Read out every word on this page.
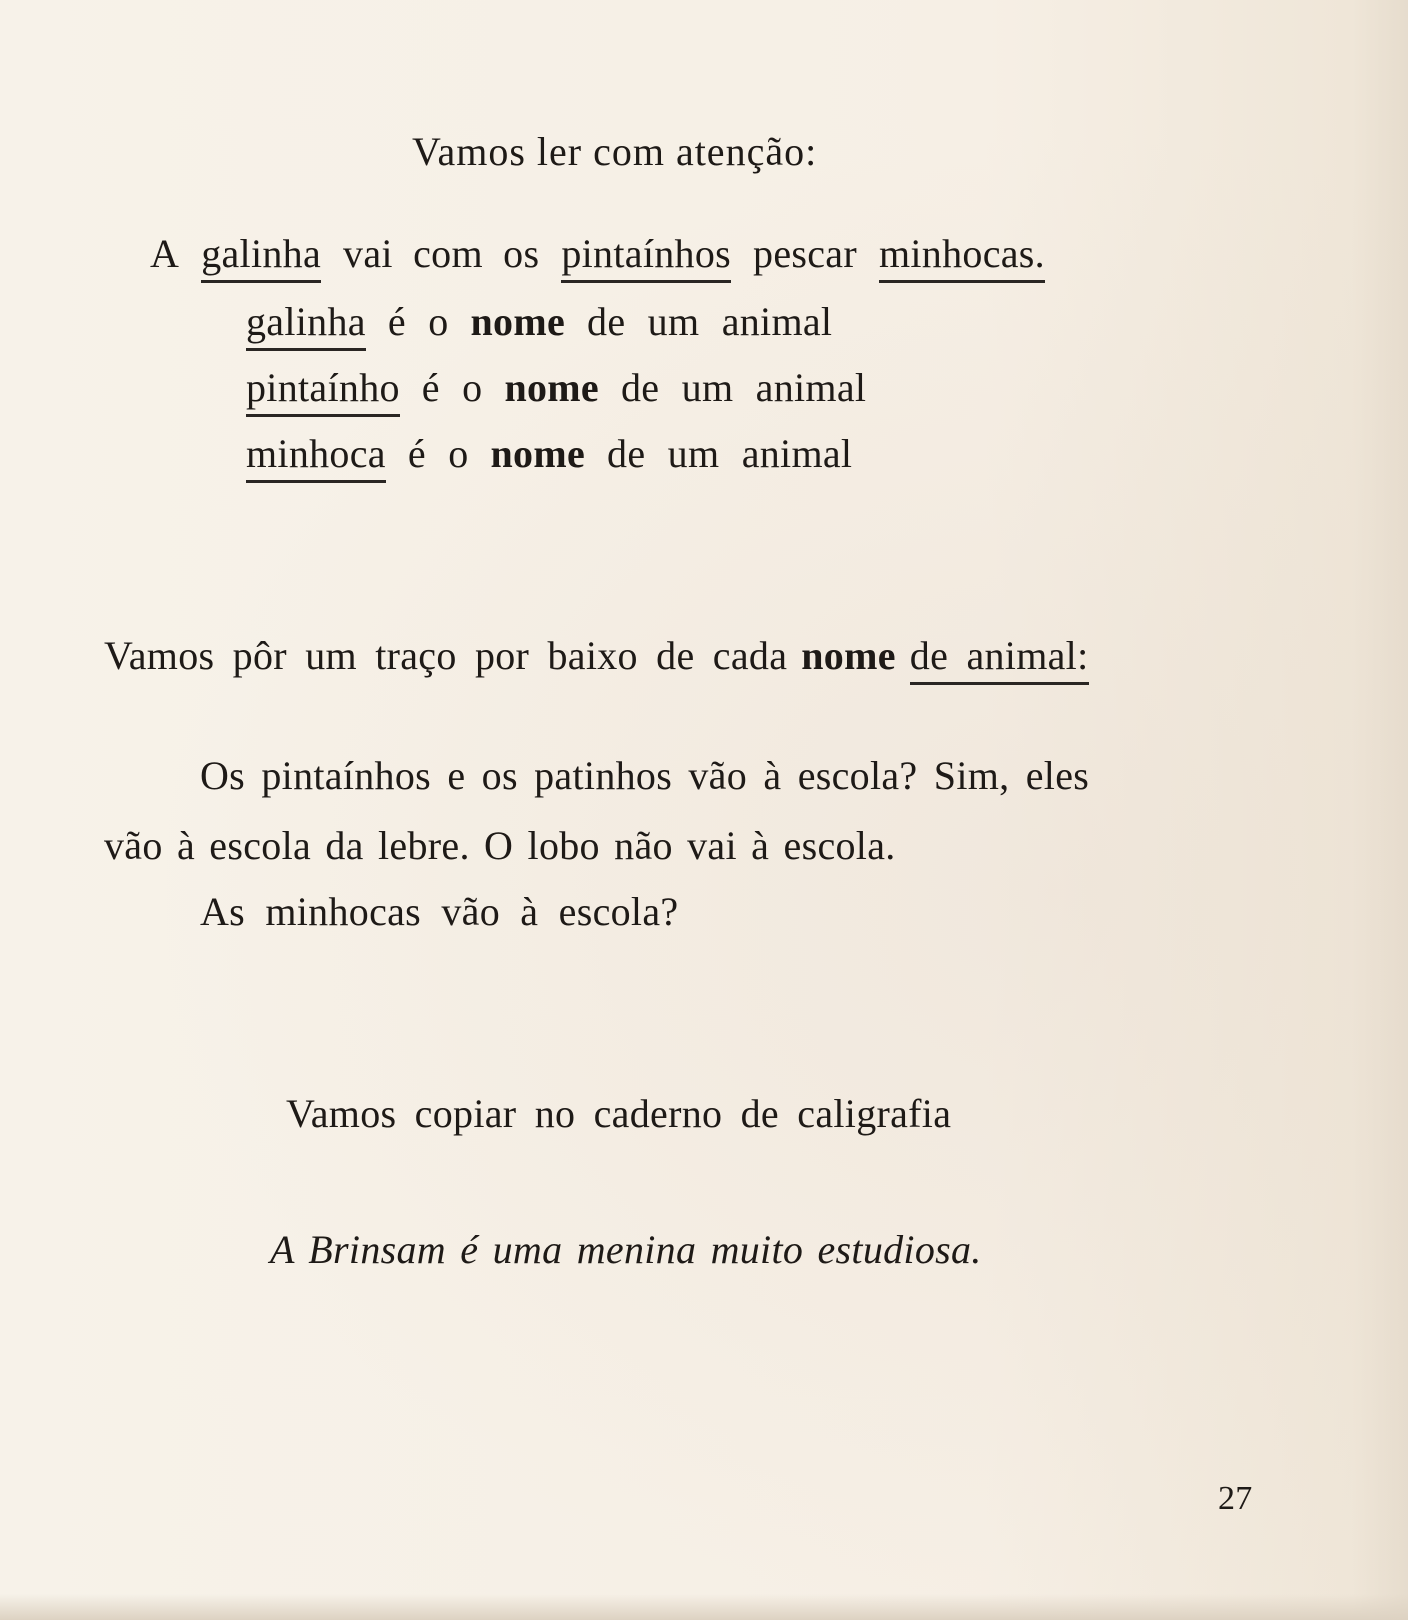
Vamos ler com atenção:
A galinha vai com os pintaínhos pescar minhocas.
galinha é o nome de um animal
pintaínho é o nome de um animal
minhoca é o nome de um animal
Vamos pôr um traço por baixo de cada nome de animal:
Os pintaínhos e os patinhos vão à escola? Sim, eles
vão à escola da lebre. O lobo não vai à escola.
As minhocas vão à escola?
Vamos copiar no caderno de caligrafia
A Brinsam é uma menina muito estudiosa.
27
